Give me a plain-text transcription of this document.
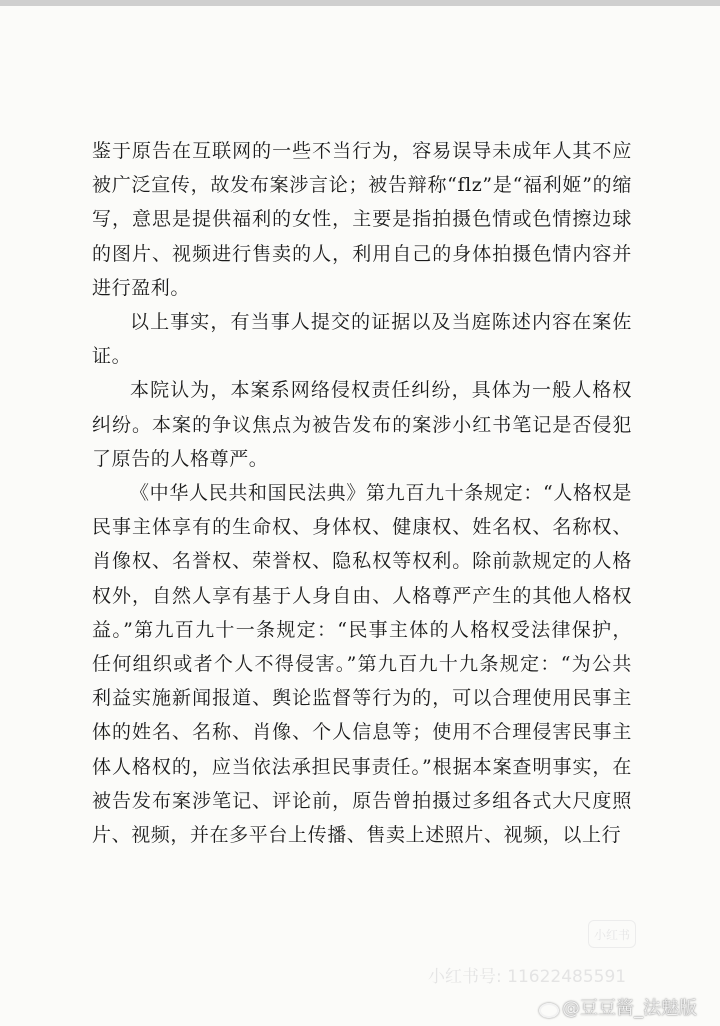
鉴于原告在互联网的一些不当行为，容易误导未成年人其不应被广泛宣传，故发布案涉言论；被告辩称“flz”是“福利姬”的缩写，意思是提供福利的女性，主要是指拍摄色情或色情擦边球的图片、视频进行售卖的人，利用自己的身体拍摄色情内容并进行盈利。

以上事实，有当事人提交的证据以及当庭陈述内容在案佐证。

本院认为，本案系网络侵权责任纠纷，具体为一般人格权纠纷。本案的争议焦点为被告发布的案涉小红书笔记是否侵犯了原告的人格尊严。

《中华人民共和国民法典》第九百九十条规定：“人格权是民事主体享有的生命权、身体权、健康权、姓名权、名称权、肖像权、名誉权、荣誉权、隐私权等权利。除前款规定的人格权外，自然人享有基于人身自由、人格尊严产生的其他人格权益。”第九百九十一条规定：“民事主体的人格权受法律保护，任何组织或者个人不得侵害。”第九百九十九条规定：“为公共利益实施新闻报道、舆论监督等行为的，可以合理使用民事主体的姓名、名称、肖像、个人信息等；使用不合理侵害民事主体人格权的，应当依法承担民事责任。”根据本案查明事实，在被告发布案涉笔记、评论前，原告曾拍摄过多组各式大尺度照片、视频，并在多平台上传播、售卖上述照片、视频，以上行

小红书
小红书号: 11622485591
@豆豆酱_法魅版
